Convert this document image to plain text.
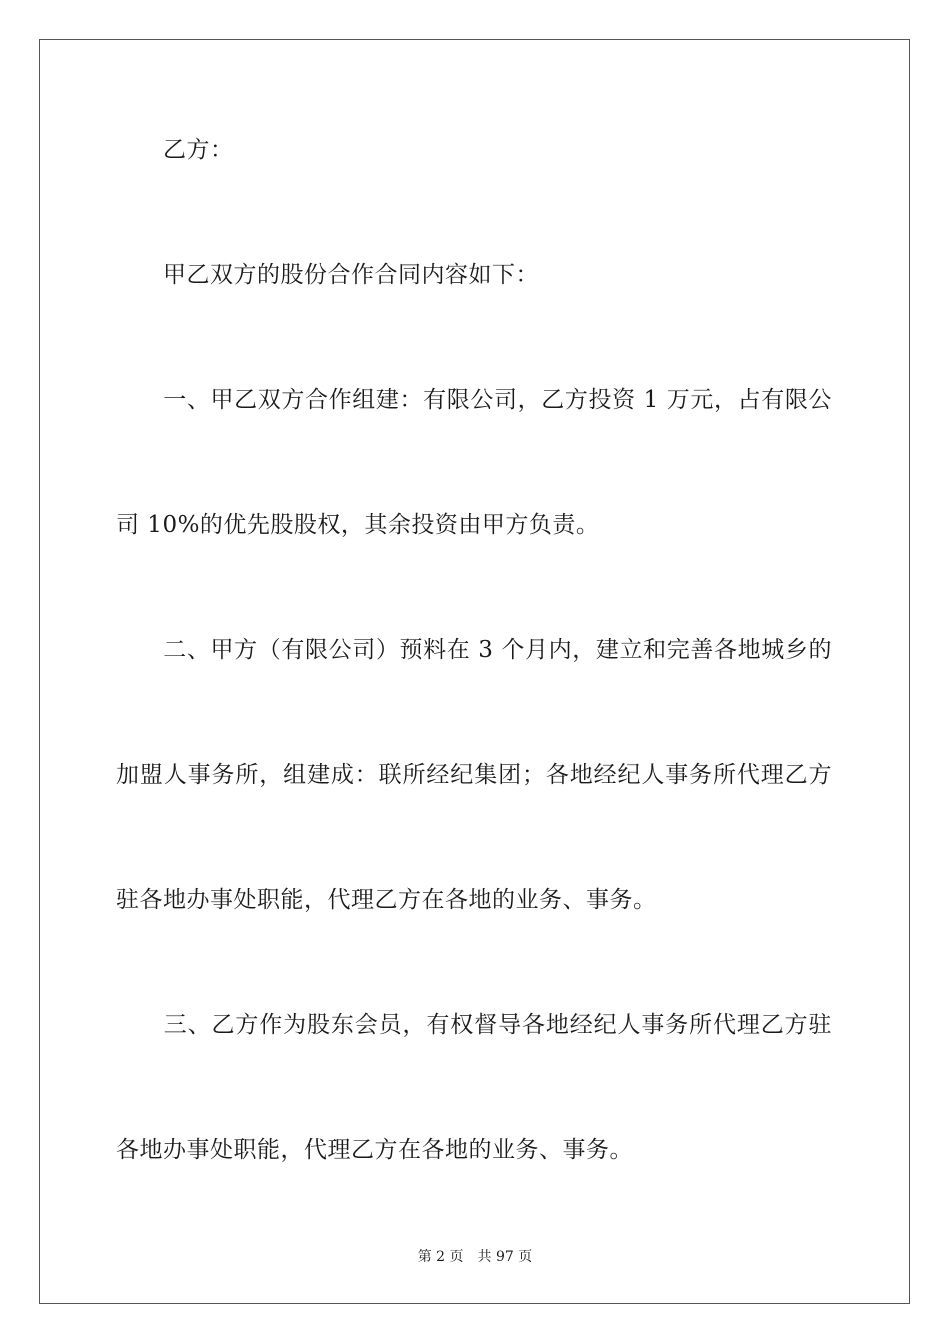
　　乙方：
　　甲乙双方的股份合作合同内容如下：
　　一、甲乙双方合作组建：有限公司，乙方投资 1 万元，占有限公
司 10%的优先股股权，其余投资由甲方负责。
　　二、甲方（有限公司）预料在 3 个月内，建立和完善各地城乡的
加盟人事务所，组建成：联所经纪集团；各地经纪人事务所代理乙方
驻各地办事处职能，代理乙方在各地的业务、事务。
　　三、乙方作为股东会员，有权督导各地经纪人事务所代理乙方驻
各地办事处职能，代理乙方在各地的业务、事务。
第 2 页　共 97 页
